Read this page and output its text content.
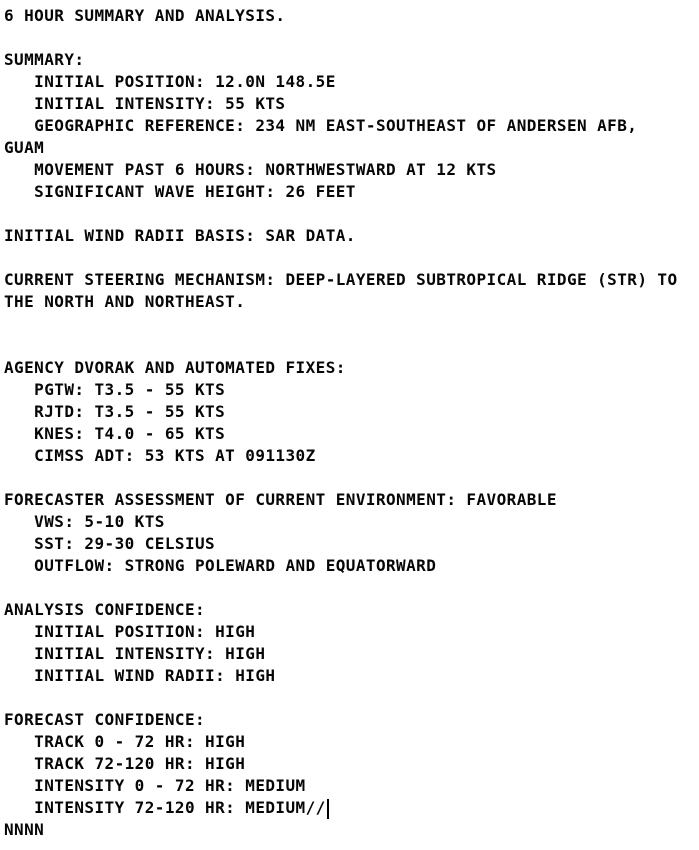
6 HOUR SUMMARY AND ANALYSIS.

SUMMARY:
INITIAL POSITION: 12.0N 148.5E
INITIAL INTENSITY: 55 KTS
GEOGRAPHIC REFERENCE: 234 NM EAST-SOUTHEAST OF ANDERSEN AFB,
GUAM
MOVEMENT PAST 6 HOURS: NORTHWESTWARD AT 12 KTS
SIGNIFICANT WAVE HEIGHT: 26 FEET

INITIAL WIND RADII BASIS: SAR DATA.

CURRENT STEERING MECHANISM: DEEP-LAYERED SUBTROPICAL RIDGE (STR) TO
THE NORTH AND NORTHEAST.

AGENCY DVORAK AND AUTOMATED FIXES:
PGTW: T3.5 - 55 KTS
RJTD: T3.5 - 55 KTS
KNES: T4.0 - 65 KTS
CIMSS ADT: 53 KTS AT 091130Z

FORECASTER ASSESSMENT OF CURRENT ENVIRONMENT: FAVORABLE
VWS: 5-10 KTS
SST: 29-30 CELSIUS
OUTFLOW: STRONG POLEWARD AND EQUATORWARD

ANALYSIS CONFIDENCE:
INITIAL POSITION: HIGH
INITIAL INTENSITY: HIGH
INITIAL WIND RADII: HIGH

FORECAST CONFIDENCE:
TRACK 0 - 72 HR: HIGH
TRACK 72-120 HR: HIGH
INTENSITY 0 - 72 HR: MEDIUM
INTENSITY 72-120 HR: MEDIUM//
NNNN
